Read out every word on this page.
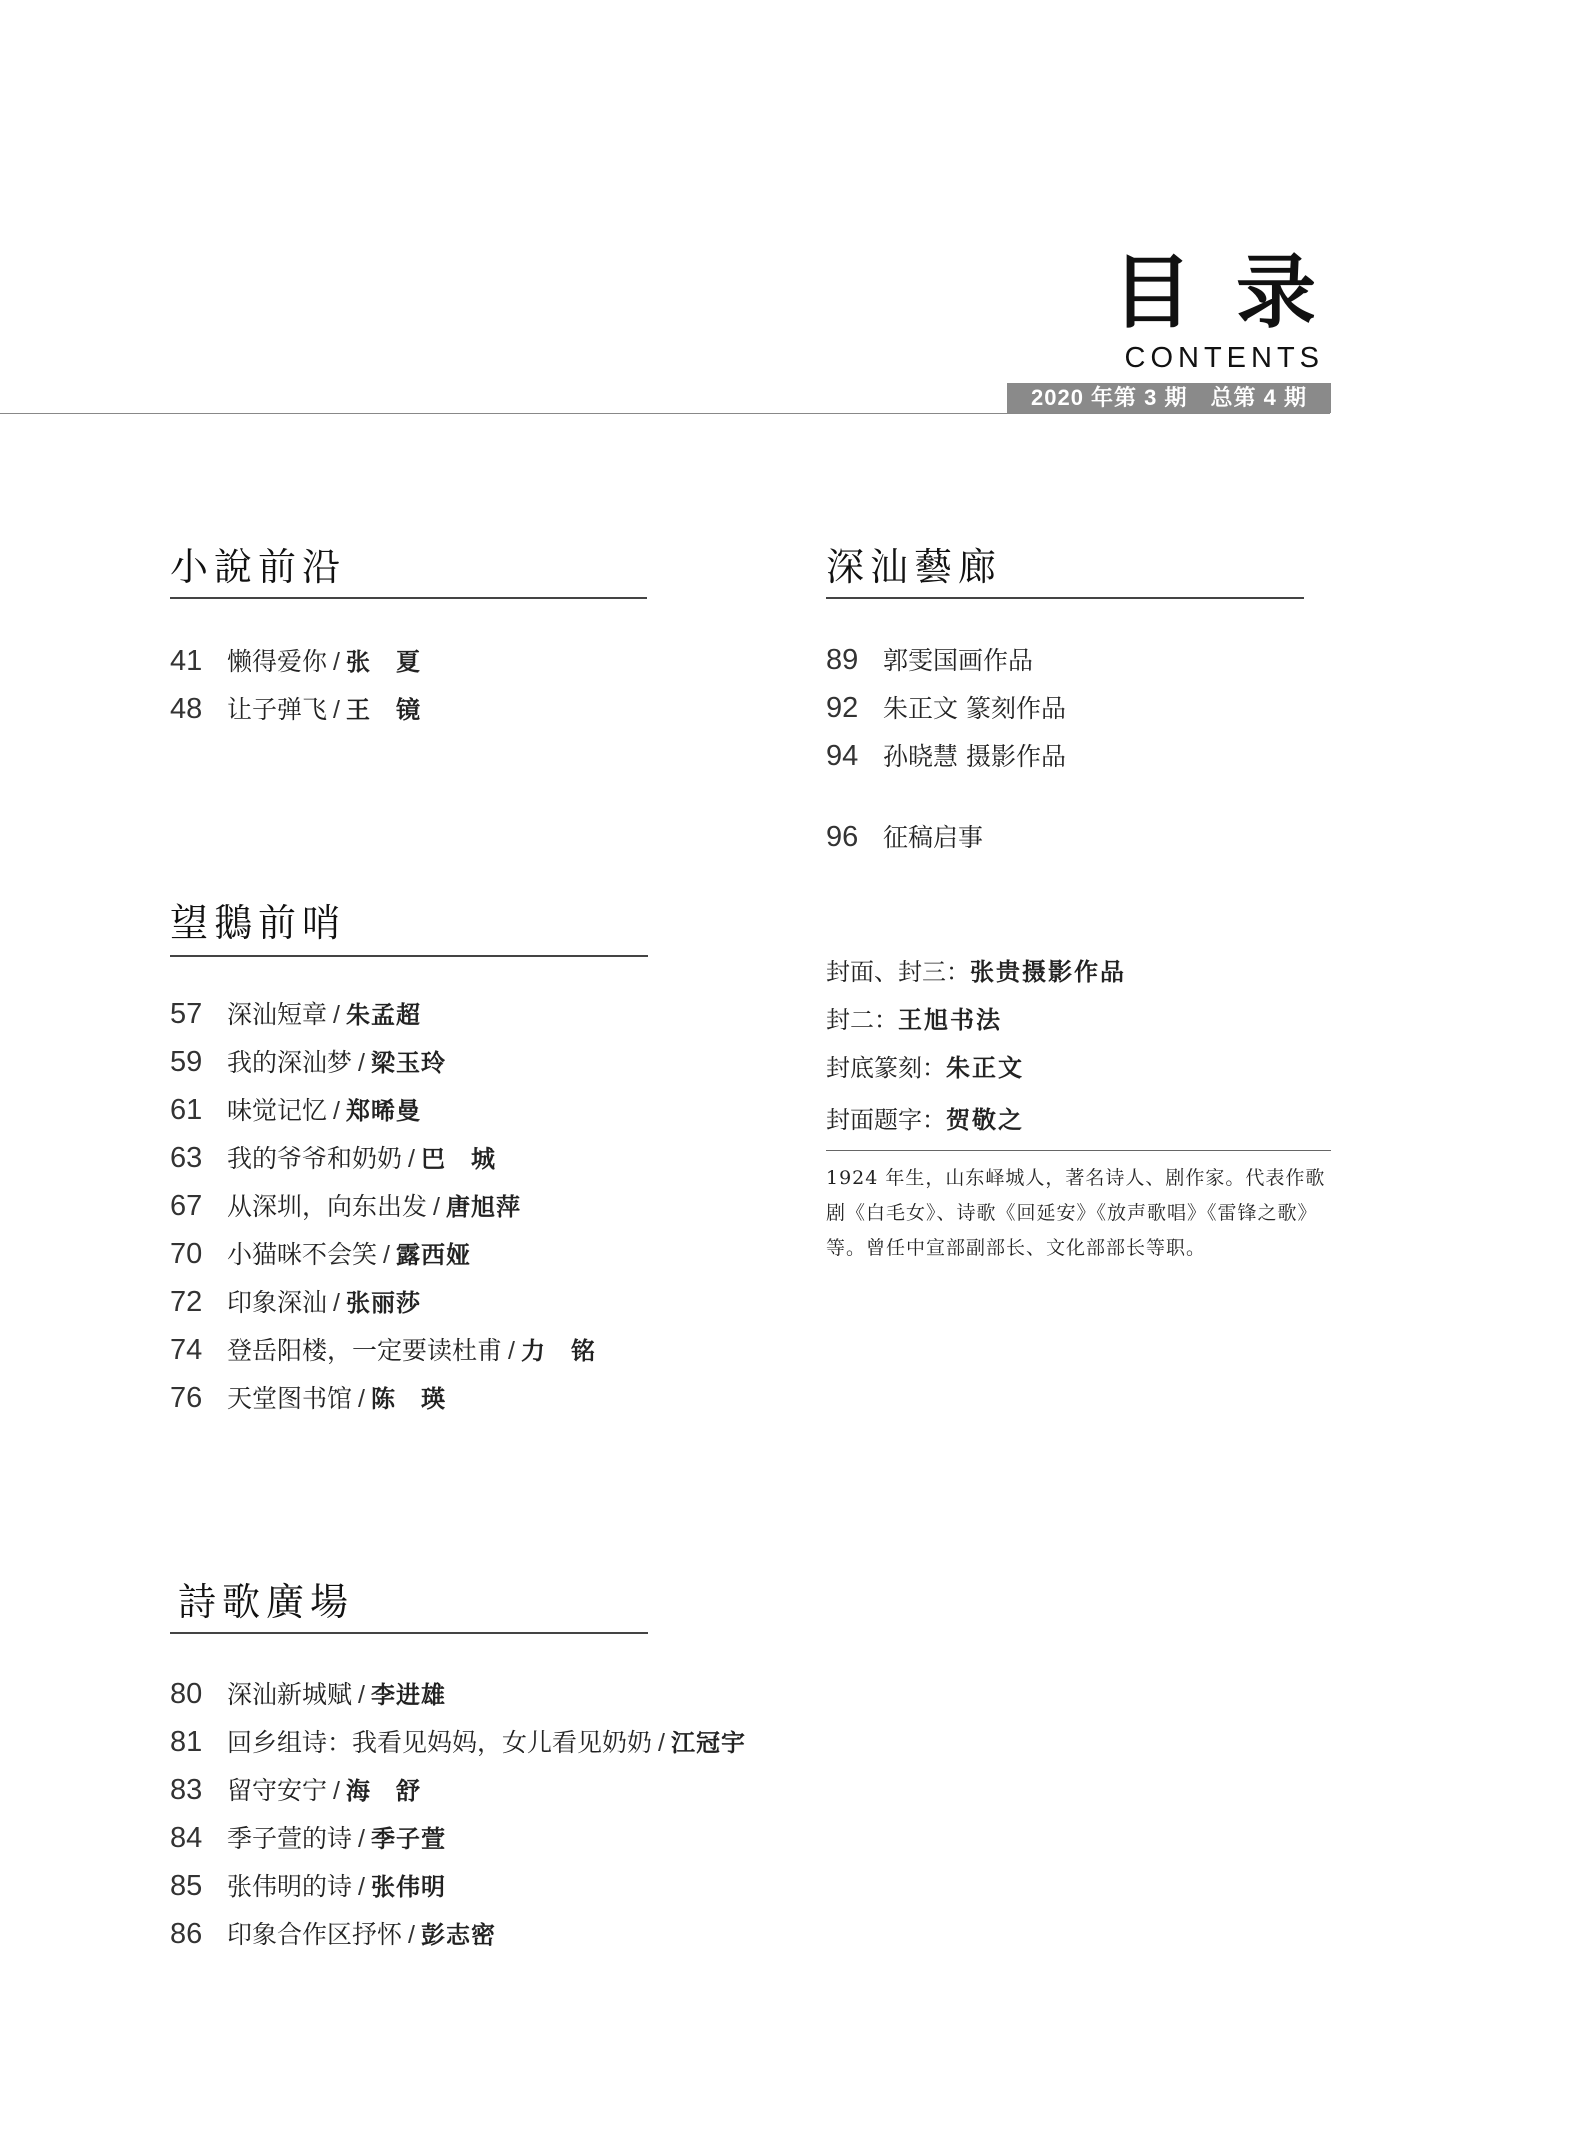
目 录
CONTENTS
2020 年第 3 期　总第 4 期
小說前沿
41 懒得爱你 / 张　夏
48 让子弹飞 / 王　镜
望鵝前哨
57 深汕短章 / 朱孟超
59 我的深汕梦 / 梁玉玲
61 味觉记忆 / 郑晞曼
63 我的爷爷和奶奶 / 巴　城
67 从深圳，向东出发 / 唐旭萍
70 小猫咪不会笑 / 露西娅
72 印象深汕 / 张丽莎
74 登岳阳楼，一定要读杜甫 / 力　铭
76 天堂图书馆 / 陈　瑛
詩歌廣場
80 深汕新城赋 / 李进雄
81 回乡组诗：我看见妈妈，女儿看见奶奶 / 江冠宇
83 留守安宁 / 海　舒
84 季子萱的诗 / 季子萱
85 张伟明的诗 / 张伟明
86 印象合作区抒怀 / 彭志密
深汕藝廊
89 郭雯国画作品
92 朱正文 篆刻作品
94 孙晓慧 摄影作品
96 征稿启事
封面、封三：张贵摄影作品
封二：王旭书法
封底篆刻：朱正文
封面题字：贺敬之
1924 年生，山东峄城人，著名诗人、剧作家。代表作歌剧《白毛女》、诗歌《回延安》《放声歌唱》《雷锋之歌》等。曾任中宣部副部长、文化部部长等职。
